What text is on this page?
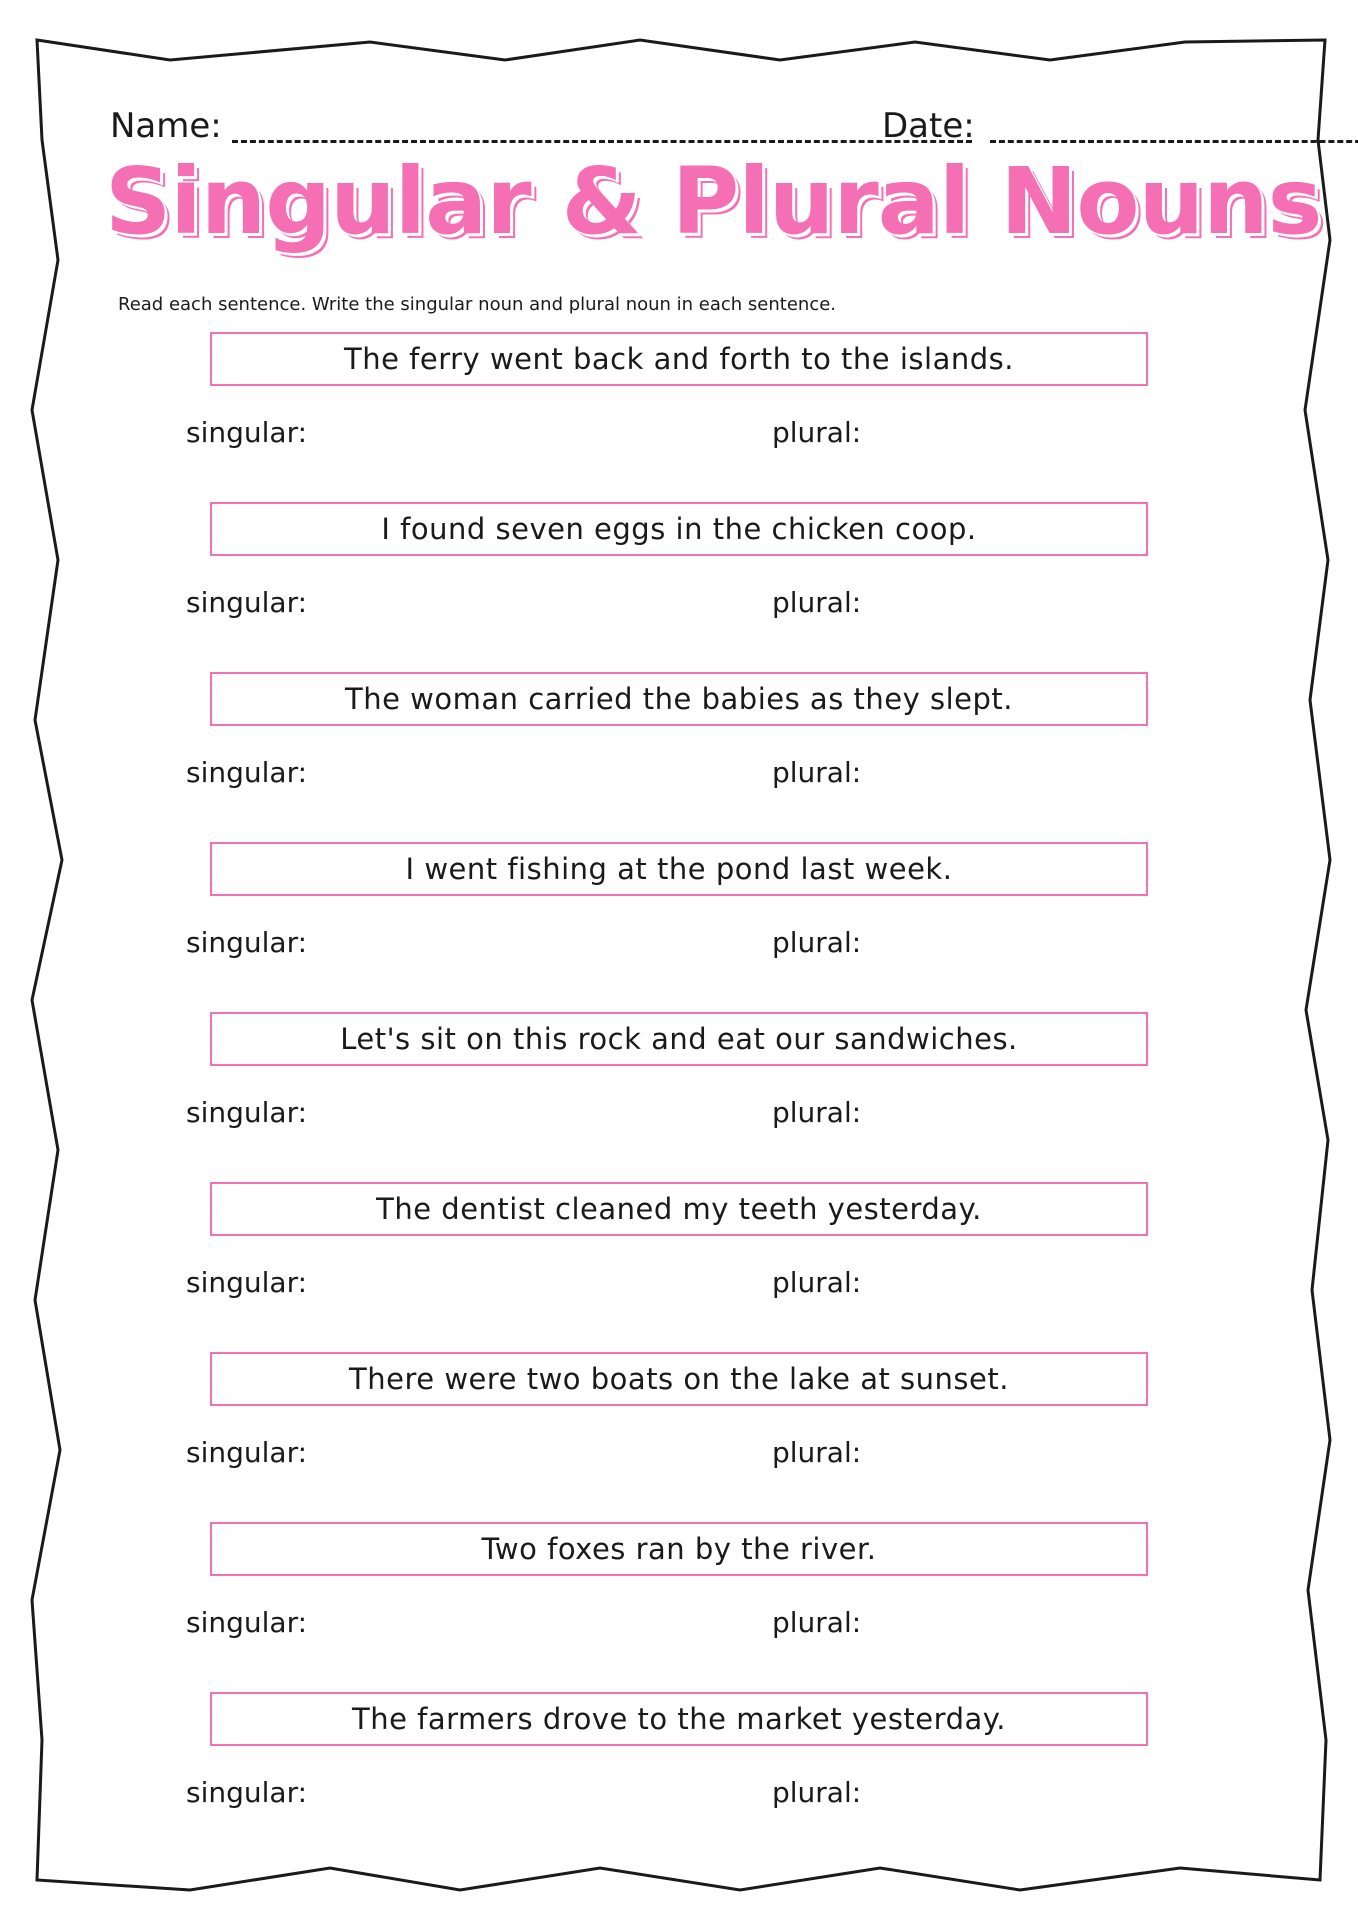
Name:	Date:
Singular & Plural Nouns
Read each sentence. Write the singular noun and plural noun in each sentence.
The ferry went back and forth to the islands.
singular:	plural:
I found seven eggs in the chicken coop.
singular:	plural:
The woman carried the babies as they slept.
singular:	plural:
I went fishing at the pond last week.
singular:	plural:
Let's sit on this rock and eat our sandwiches.
singular:	plural:
The dentist cleaned my teeth yesterday.
singular:	plural:
There were two boats on the lake at sunset.
singular:	plural:
Two foxes ran by the river.
singular:	plural:
The farmers drove to the market yesterday.
singular:	plural:
